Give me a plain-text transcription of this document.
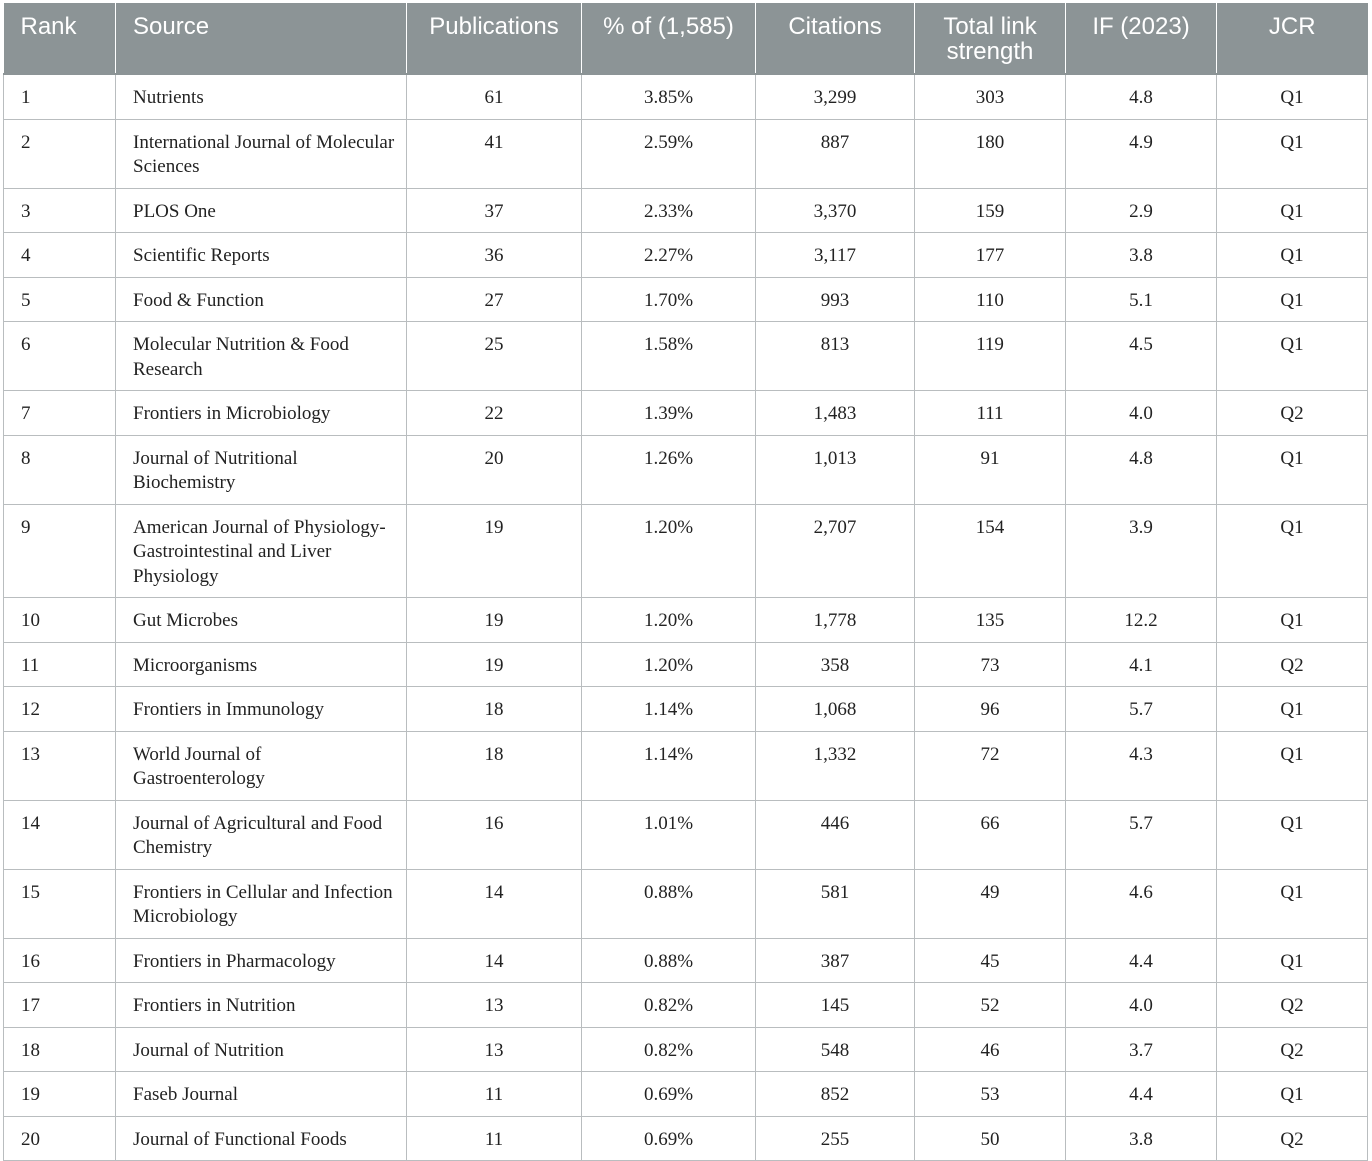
Rank	Source	Publications	% of (1,585)	Citations	Total link strength	IF (2023)	JCR
1	Nutrients	61	3.85%	3,299	303	4.8	Q1
2	International Journal of Molecular Sciences	41	2.59%	887	180	4.9	Q1
3	PLOS One	37	2.33%	3,370	159	2.9	Q1
4	Scientific Reports	36	2.27%	3,117	177	3.8	Q1
5	Food & Function	27	1.70%	993	110	5.1	Q1
6	Molecular Nutrition & Food Research	25	1.58%	813	119	4.5	Q1
7	Frontiers in Microbiology	22	1.39%	1,483	111	4.0	Q2
8	Journal of Nutritional Biochemistry	20	1.26%	1,013	91	4.8	Q1
9	American Journal of Physiology-Gastrointestinal and Liver Physiology	19	1.20%	2,707	154	3.9	Q1
10	Gut Microbes	19	1.20%	1,778	135	12.2	Q1
11	Microorganisms	19	1.20%	358	73	4.1	Q2
12	Frontiers in Immunology	18	1.14%	1,068	96	5.7	Q1
13	World Journal of Gastroenterology	18	1.14%	1,332	72	4.3	Q1
14	Journal of Agricultural and Food Chemistry	16	1.01%	446	66	5.7	Q1
15	Frontiers in Cellular and Infection Microbiology	14	0.88%	581	49	4.6	Q1
16	Frontiers in Pharmacology	14	0.88%	387	45	4.4	Q1
17	Frontiers in Nutrition	13	0.82%	145	52	4.0	Q2
18	Journal of Nutrition	13	0.82%	548	46	3.7	Q2
19	Faseb Journal	11	0.69%	852	53	4.4	Q1
20	Journal of Functional Foods	11	0.69%	255	50	3.8	Q2
